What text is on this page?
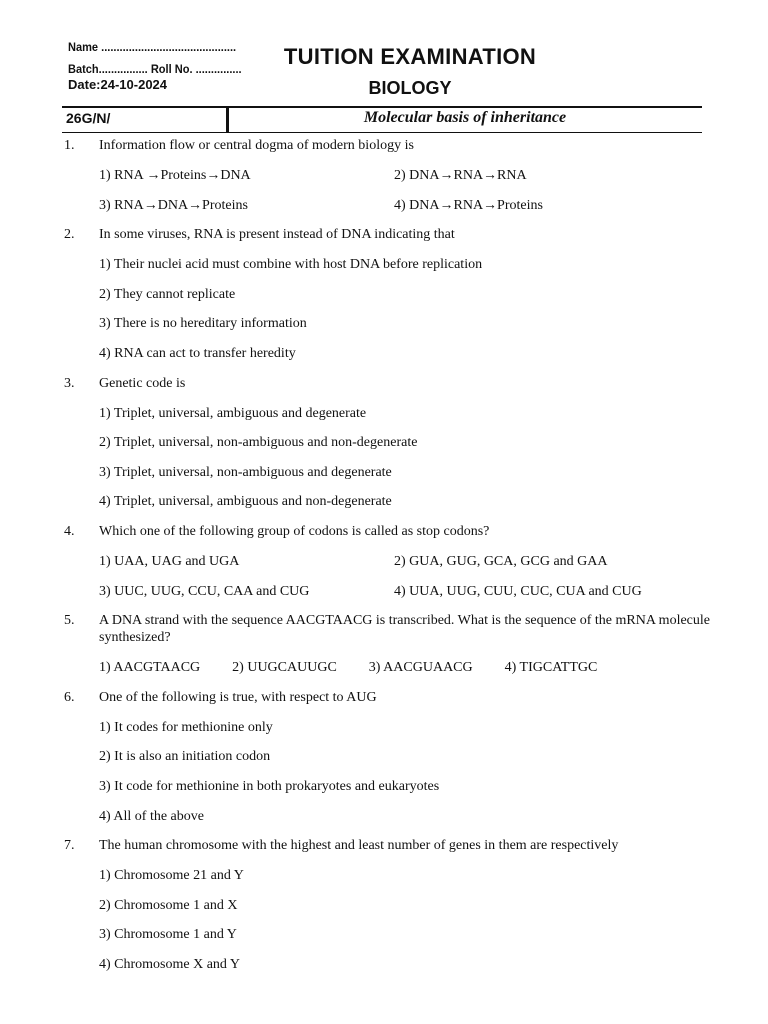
Name ............................................
Batch................ Roll No. ...............
Date:24-10-2024
TUITION EXAMINATION
BIOLOGY
26G/N/	Molecular basis of inheritance
1. Information flow or central dogma of modern biology is
1) RNA →Proteins→DNA	2) DNA→RNA→RNA
3) RNA→DNA→Proteins	4) DNA→RNA→Proteins
2. In some viruses, RNA is present instead of DNA indicating that
1) Their nuclei acid must combine with host DNA before replication
2) They cannot replicate
3) There is no hereditary information
4) RNA can act to transfer heredity
3. Genetic code is
1) Triplet, universal, ambiguous and degenerate
2) Triplet, universal, non-ambiguous and non-degenerate
3) Triplet, universal, non-ambiguous and degenerate
4) Triplet, universal, ambiguous and non-degenerate
4. Which one of the following group of codons is called as stop codons?
1) UAA, UAG and UGA	2) GUA, GUG, GCA, GCG and GAA
3) UUC, UUG, CCU, CAA and CUG	4) UUA, UUG, CUU, CUC, CUA and CUG
5. A DNA strand with the sequence AACGTAACG is transcribed. What is the sequence of the mRNA molecule synthesized?
1) AACGTAACG 2) UUGCAUUGC 3) AACGUAACG 4) TIGCATTGC
6. One of the following is true, with respect to AUG
1) It codes for methionine only
2) It is also an initiation codon
3) It code for methionine in both prokaryotes and eukaryotes
4) All of the above
7. The human chromosome with the highest and least number of genes in them are respectively
1) Chromosome 21 and Y
2) Chromosome 1 and X
3) Chromosome 1 and Y
4) Chromosome X and Y
